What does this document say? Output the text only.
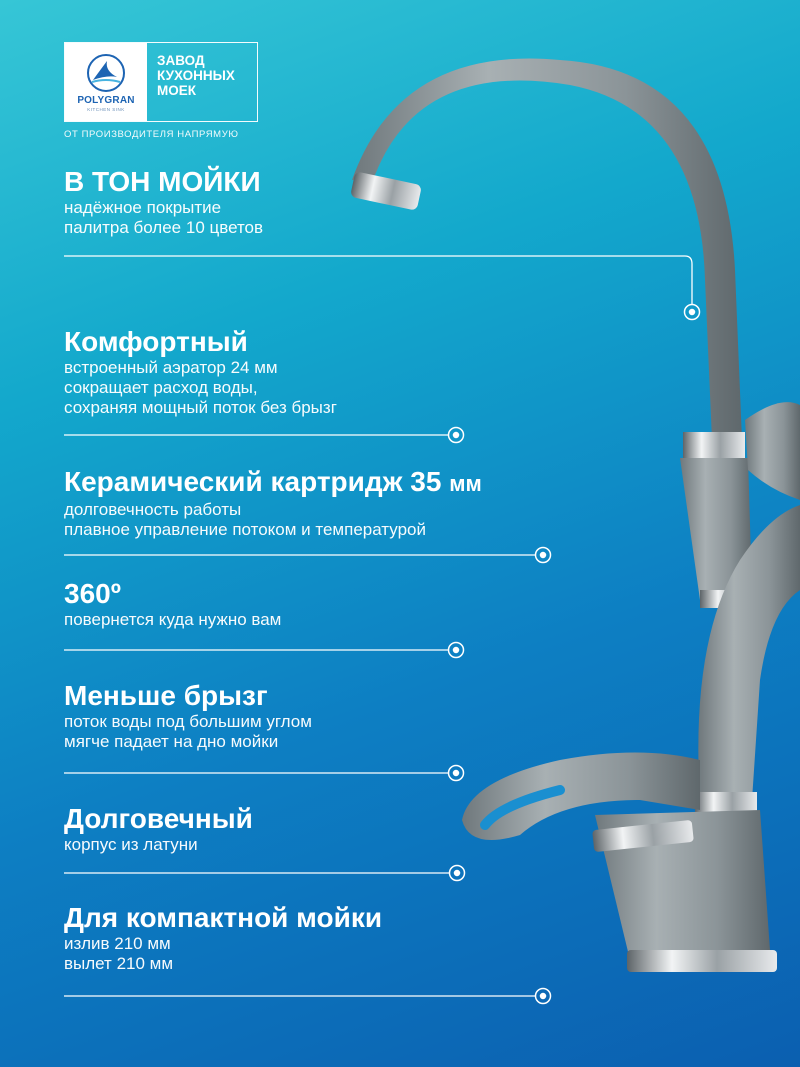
POLYGRAN
KITCHEN SINK
ЗАВОД
КУХОННЫХ
МОЕК
ОТ ПРОИЗВОДИТЕЛЯ НАПРЯМУЮ
В ТОН МОЙКИ
надёжное покрытие
палитра более 10 цветов
Комфортный
встроенный аэратор 24 мм
сокращает расход воды,
сохраняя мощный поток без брызг
Керамический картридж 35 мм
долговечность работы
плавное управление потоком и температурой
360º
повернется куда нужно вам
Меньше брызг
поток воды под большим углом
мягче падает на дно мойки
Долговечный
корпус из латуни
Для компактной мойки
излив 210 мм
вылет 210 мм
